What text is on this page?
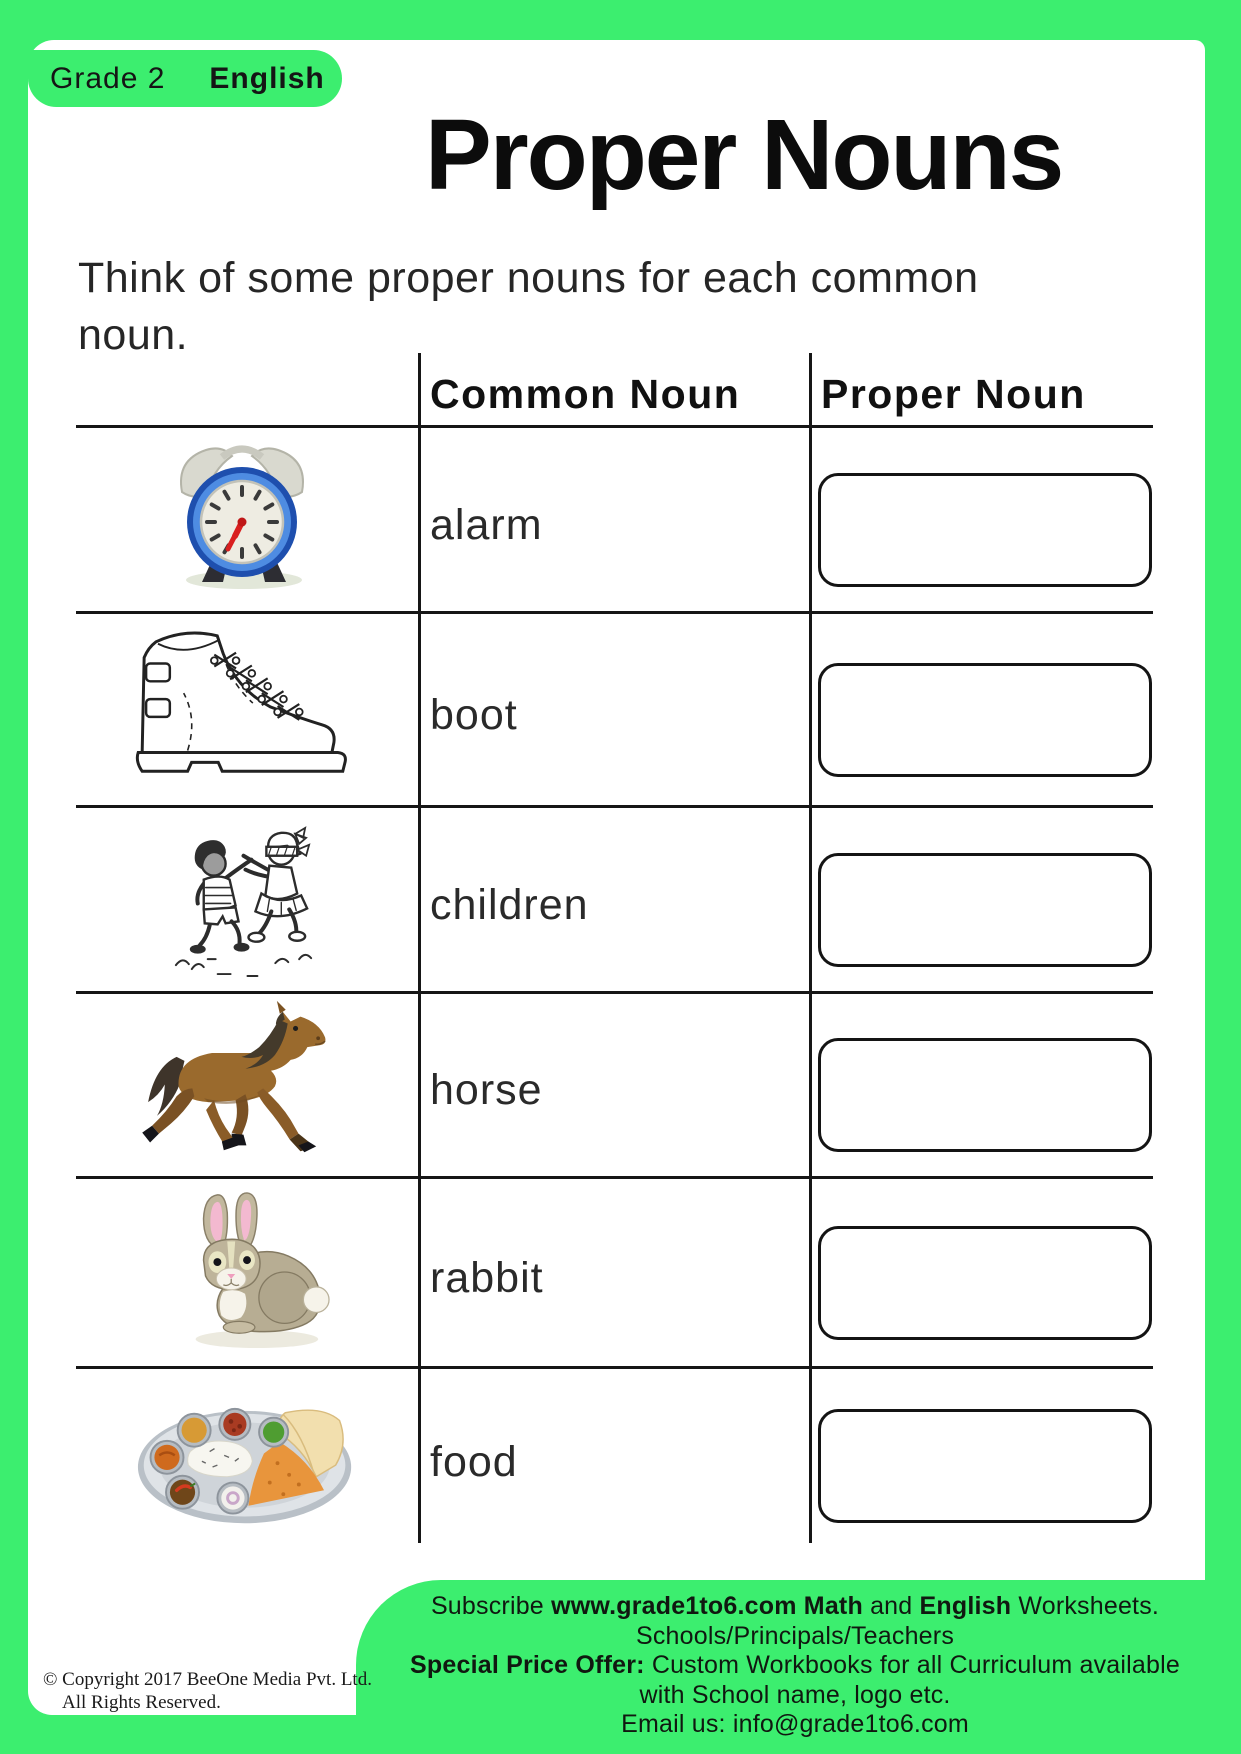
Grade 2 English
Proper Nouns
Think of some proper nouns for each common
noun.
Common Noun Proper Noun
alarm
boot
children
horse
rabbit
food
Subscribe www.grade1to6.com Math and English Worksheets.
Schools/Principals/Teachers
Special Price Offer: Custom Workbooks for all Curriculum available
with School name, logo etc.
Email us: info@grade1to6.com
© Copyright 2017 BeeOne Media Pvt. Ltd.
All Rights Reserved.
